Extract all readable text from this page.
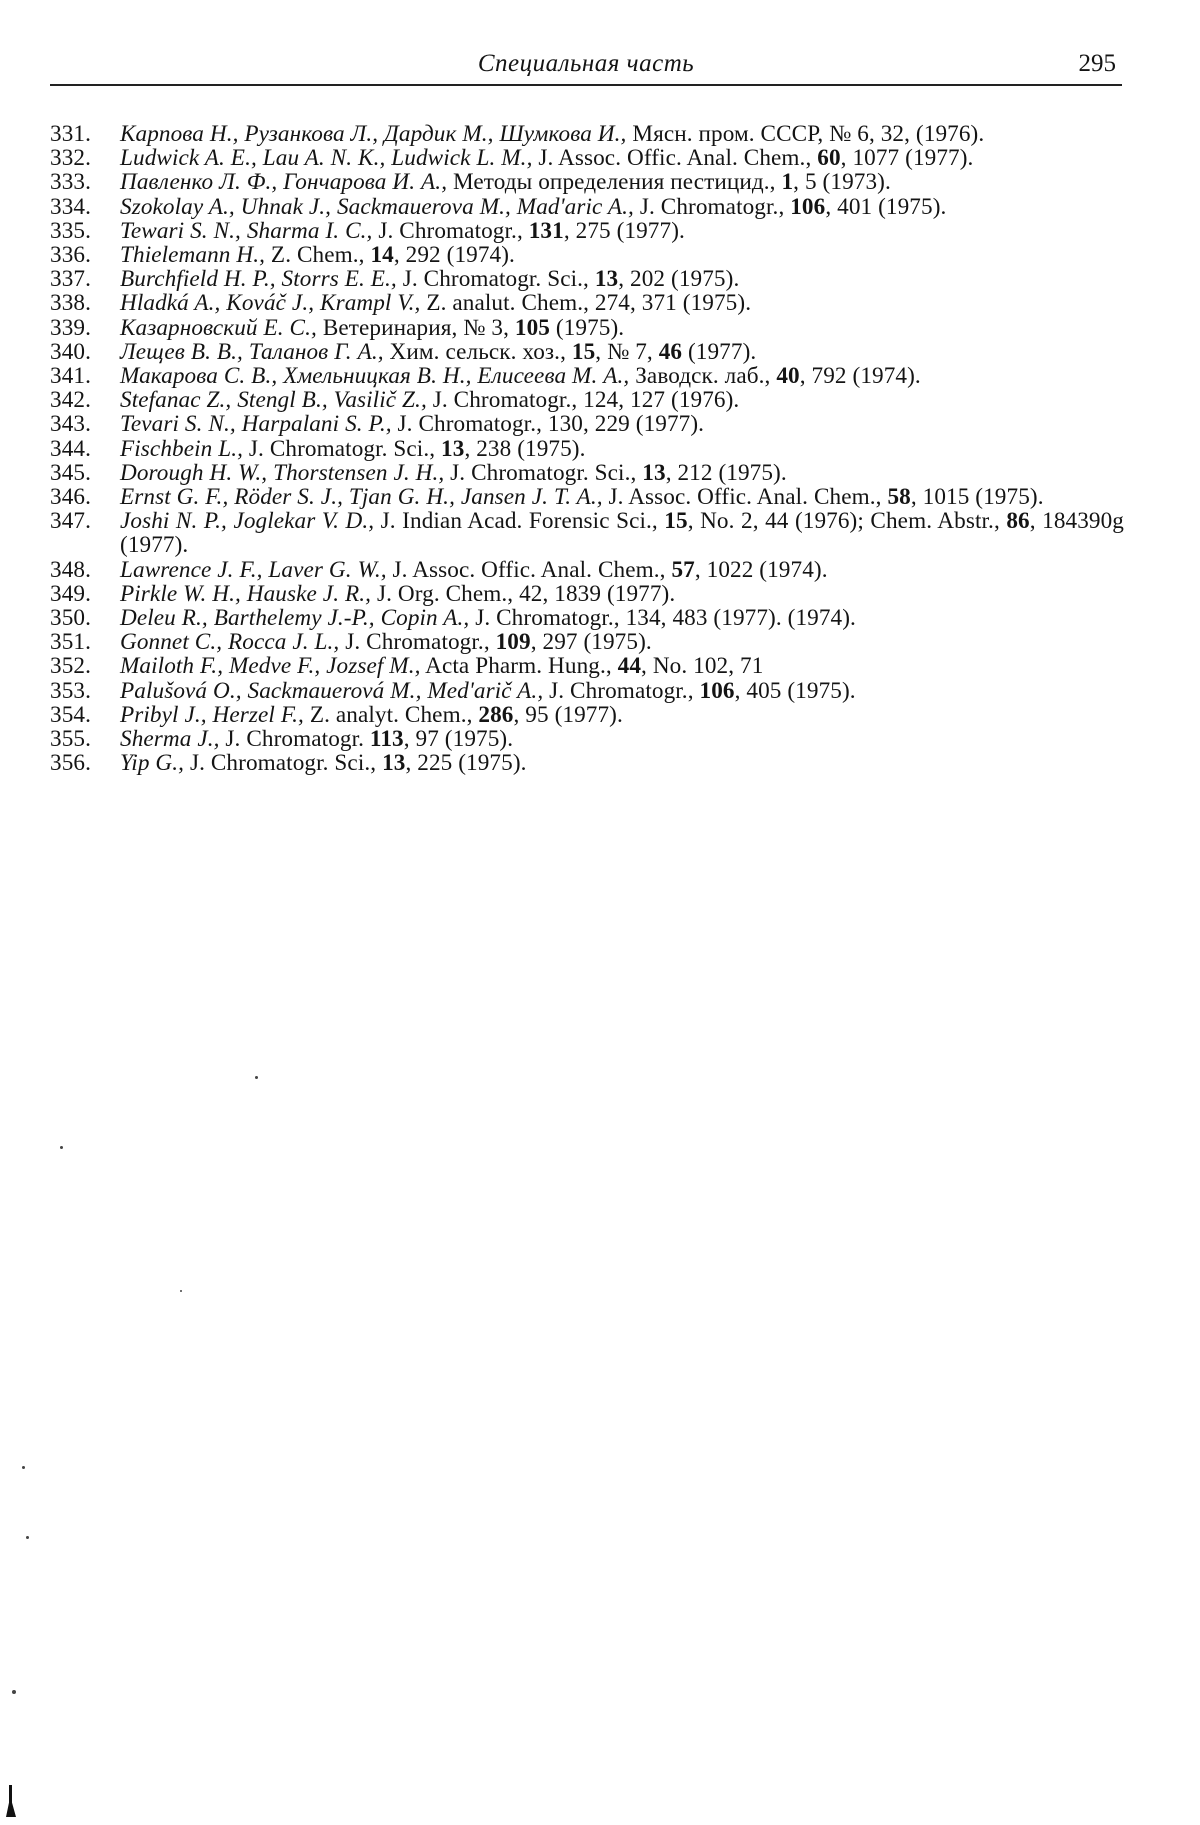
Специальная часть	295
331.	Карпова Н., Рузанкова Л., Дардик М., Шумкова И., Мясн. пром. СССР, № 6, 32, (1976).
332.	Ludwick A. E., Lau A. N. K., Ludwick L. M., J. Assoc. Offic. Anal. Chem., 60, 1077 (1977).
333.	Павленко Л. Ф., Гончарова И. А., Методы определения пестицид., 1, 5 (1973).
334.	Szokolay A., Uhnak J., Sackmauerova M., Mad'aric A., J. Chromatogr., 106, 401 (1975).
335.	Tewari S. N., Sharma I. C., J. Chromatogr., 131, 275 (1977).
336.	Thielemann H., Z. Chem., 14, 292 (1974).
337.	Burchfield H. P., Storrs E. E., J. Chromatogr. Sci., 13, 202 (1975).
338.	Hladká A., Kováč J., Krampl V., Z. analut. Chem., 274, 371 (1975).
339.	Казарновский Е. С., Ветеринария, № 3, 105 (1975).
340.	Лещев В. В., Таланов Г. А., Хим. сельск. хоз., 15, № 7, 46 (1977).
341.	Макарова С. В., Хмельницкая В. Н., Елисеева М. А., Заводск. лаб., 40, 792 (1974).
342.	Stefanac Z., Stengl B., Vasilič Z., J. Chromatogr., 124, 127 (1976).
343.	Tevari S. N., Harpalani S. P., J. Chromatogr., 130, 229 (1977).
344.	Fischbein L., J. Chromatogr. Sci., 13, 238 (1975).
345.	Dorough H. W., Thorstensen J. H., J. Chromatogr. Sci., 13, 212 (1975).
346.	Ernst G. F., Röder S. J., Tjan G. H., Jansen J. T. A., J. Assoc. Offic. Anal. Chem., 58, 1015 (1975).
347.	Joshi N. P., Joglekar V. D., J. Indian Acad. Forensic Sci., 15, No. 2, 44 (1976); Chem. Abstr., 86, 184390g (1977).
348.	Lawrence J. F., Laver G. W., J. Assoc. Offic. Anal. Chem., 57, 1022 (1974).
349.	Pirkle W. H., Hauske J. R., J. Org. Chem., 42, 1839 (1977).
350.	Deleu R., Barthelemy J.-P., Copin A., J. Chromatogr., 134, 483 (1977). (1974).
351.	Gonnet C., Rocca J. L., J. Chromatogr., 109, 297 (1975).
352.	Mailoth F., Medve F., Jozsef M., Acta Pharm. Hung., 44, No. 102, 71
353.	Palušová O., Sackmauerová M., Med'arič A., J. Chromatogr., 106, 405 (1975).
354.	Pribyl J., Herzel F., Z. analyt. Chem., 286, 95 (1977).
355.	Sherma J., J. Chromatogr. 113, 97 (1975).
356.	Yip G., J. Chromatogr. Sci., 13, 225 (1975).
